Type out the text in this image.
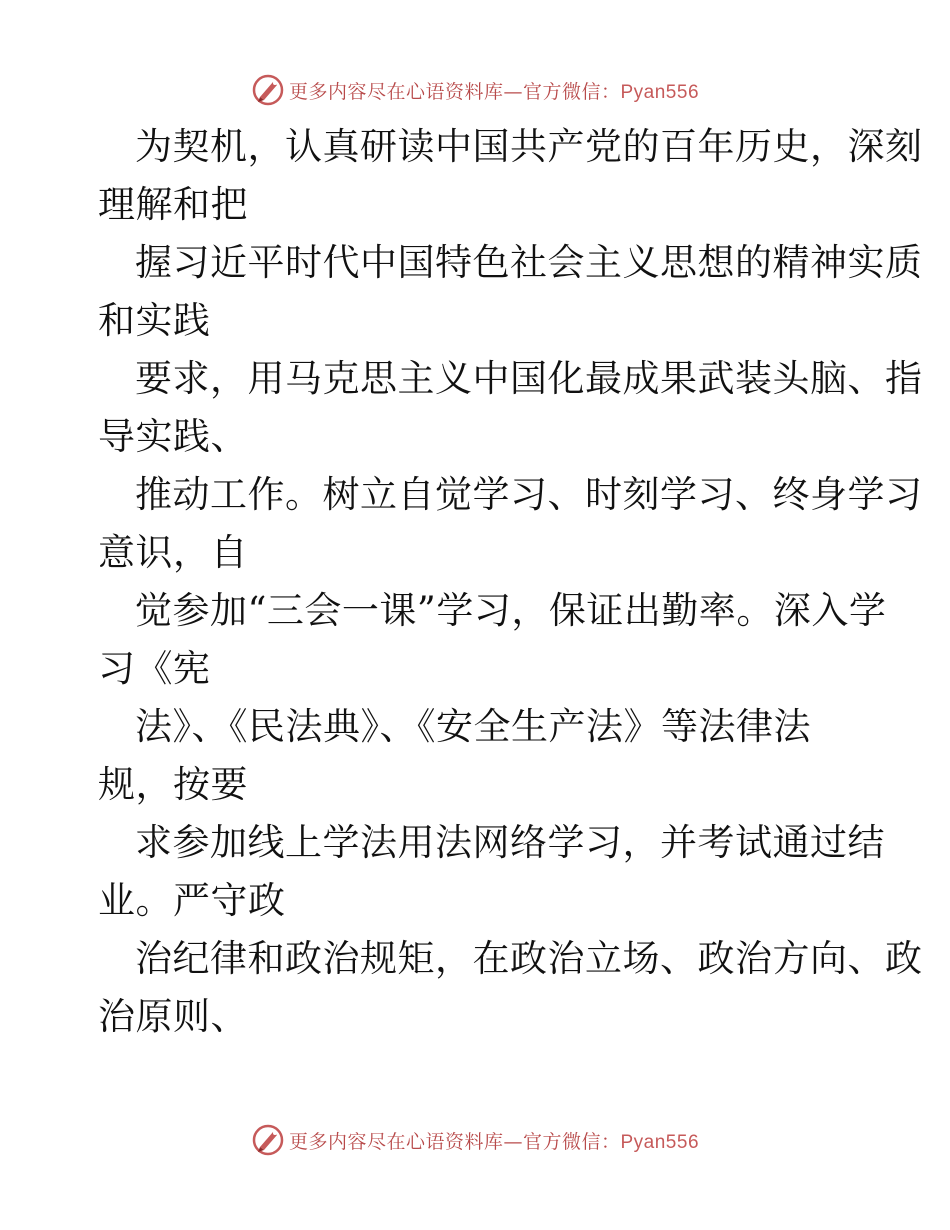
更多内容尽在心语资料库—官方微信：Pyan556

为契机，认真研读中国共产党的百年历史，深刻
理解和把

握习近平时代中国特色社会主义思想的精神实质
和实践

要求，用马克思主义中国化最成果武装头脑、指
导实践、

推动工作。树立自觉学习、时刻学习、终身学习
意识，自

觉参加“三会一课”学习，保证出勤率。深入学
习《宪

法》、《民法典》、《安全生产法》等法律法
规，按要

求参加线上学法用法网络学习，并考试通过结
业。严守政

治纪律和政治规矩，在政治立场、政治方向、政
治原则、

更多内容尽在心语资料库—官方微信：Pyan556
